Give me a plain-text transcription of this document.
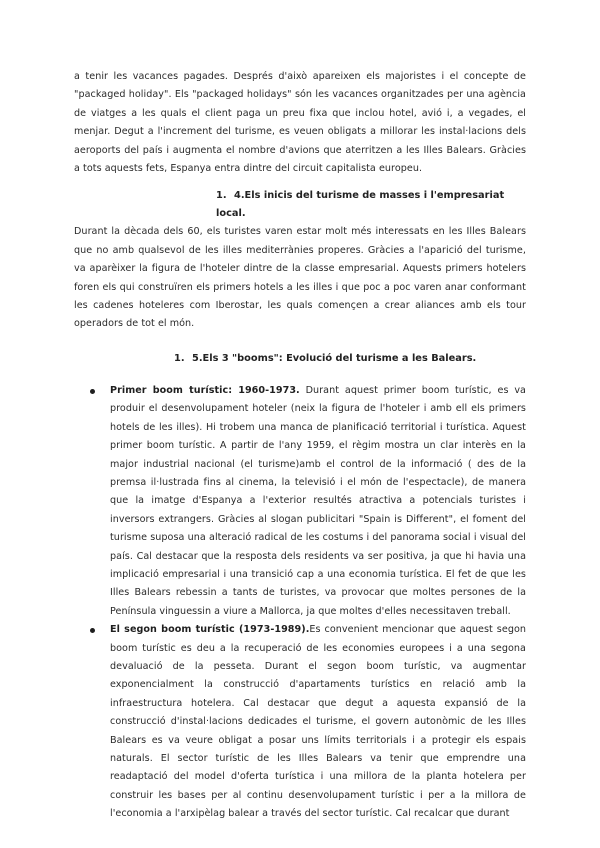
a tenir les vacances pagades. Després d'això apareixen els majoristes i el concepte de "packaged holiday". Els "packaged holidays" són les vacances organitzades per una agència de viatges a les quals el client paga un preu fixa que inclou hotel, avió i, a vegades, el menjar. Degut a l'increment del turisme, es veuen obligats a millorar les instal·lacions dels aeroports del país i augmenta el nombre d'avions que aterritzen a les Illes Balears. Gràcies a tots aquests fets, Espanya entra dintre del circuit capitalista europeu.

1. 4.Els inicis del turisme de masses i l'empresariat local.

Durant la dècada dels 60, els turistes varen estar molt més interessats en les Illes Balears que no amb qualsevol de les illes mediterrànies properes. Gràcies a l'aparició del turisme, va aparèixer la figura de l'hoteler dintre de la classe empresarial. Aquests primers hotelers foren els qui construïren els primers hotels a les illes i que poc a poc varen anar conformant les cadenes hoteleres com Iberostar, les quals començen a crear aliances amb els tour operadors de tot el món.

1. 5.Els 3 "booms": Evolució del turisme a les Balears.

Primer boom turístic: 1960-1973. Durant aquest primer boom turístic, es va produir el desenvolupament hoteler (neix la figura de l'hoteler i amb ell els primers hotels de les illes). Hi trobem una manca de planificació territorial i turística. Aquest primer boom turístic. A partir de l'any 1959, el règim mostra un clar interès en la major industrial nacional (el turisme)amb el control de la informació ( des de la premsa il·lustrada fins al cinema, la televisió i el món de l'espectacle), de manera que la imatge d'Espanya a l'exterior resultés atractiva a potencials turistes i inversors extrangers. Gràcies al slogan publicitari "Spain is Different", el foment del turisme suposa una alteració radical de les costums i del panorama social i visual del país. Cal destacar que la resposta dels residents va ser positiva, ja que hi havia una implicació empresarial i una transició cap a una economia turística. El fet de que les Illes Balears rebessin a tants de turistes, va provocar que moltes persones de la Península vinguessin a viure a Mallorca, ja que moltes d'elles necessitaven treball.

El segon boom turístic (1973-1989).Es convenient mencionar que aquest segon boom turístic es deu a la recuperació de les economies europees i a una segona devaluació de la pesseta. Durant el segon boom turístic, va augmentar exponencialment la construcció d'apartaments turístics en relació amb la infraestructura hotelera. Cal destacar que degut a aquesta expansió de la construcció d'instal·lacions dedicades el turisme, el govern autonòmic de les Illes Balears es va veure obligat a posar uns límits territorials i a protegir els espais naturals. El sector turístic de les Illes Balears va tenir que emprendre una readaptació del model d'oferta turística i una millora de la planta hotelera per construir les bases per al continu desenvolupament turístic i per a la millora de l'economia a l'arxipèlag balear a través del sector turístic. Cal recalcar que durant
